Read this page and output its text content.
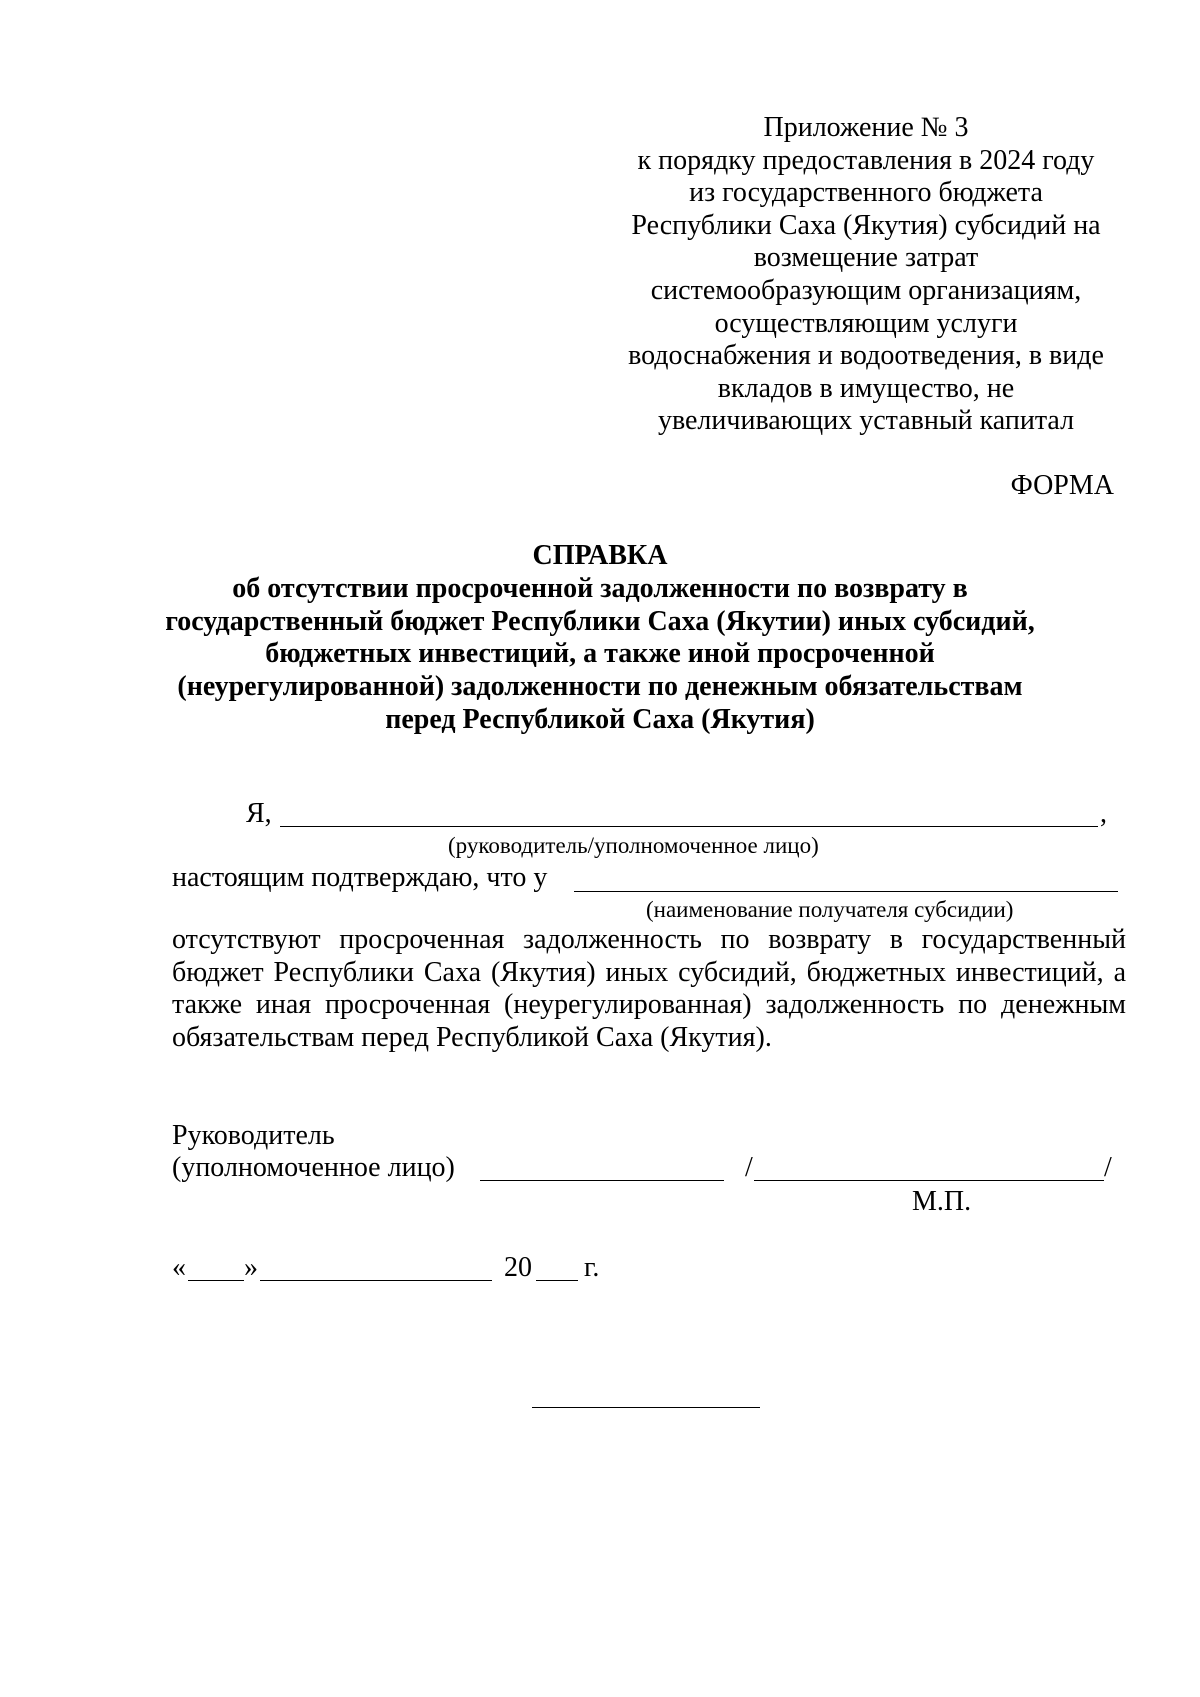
Приложение № 3
к порядку предоставления в 2024 году
из государственного бюджета
Республики Саха (Якутия) субсидий на
возмещение затрат
системообразующим организациям,
осуществляющим услуги
водоснабжения и водоотведения, в виде
вкладов в имущество, не
увеличивающих уставный капитал
ФОРМА
СПРАВКА
об отсутствии просроченной задолженности по возврату в
государственный бюджет Республики Саха (Якутии) иных субсидий,
бюджетных инвестиций, а также иной просроченной
(неурегулированной) задолженности по денежным обязательствам
перед Республикой Саха (Якутия)
Я,	,
(руководитель/уполномоченное лицо)
настоящим подтверждаю, что у
(наименование получателя субсидии)
отсутствуют просроченная задолженность по возврату в государственный
бюджет Республики Саха (Якутия) иных субсидий, бюджетных инвестиций, а
также иная просроченная (неурегулированная) задолженность по денежным
обязательствам перед Республикой Саха (Якутия).
Руководитель
(уполномоченное лицо)	/	/
М.П.
« »	20 г.
